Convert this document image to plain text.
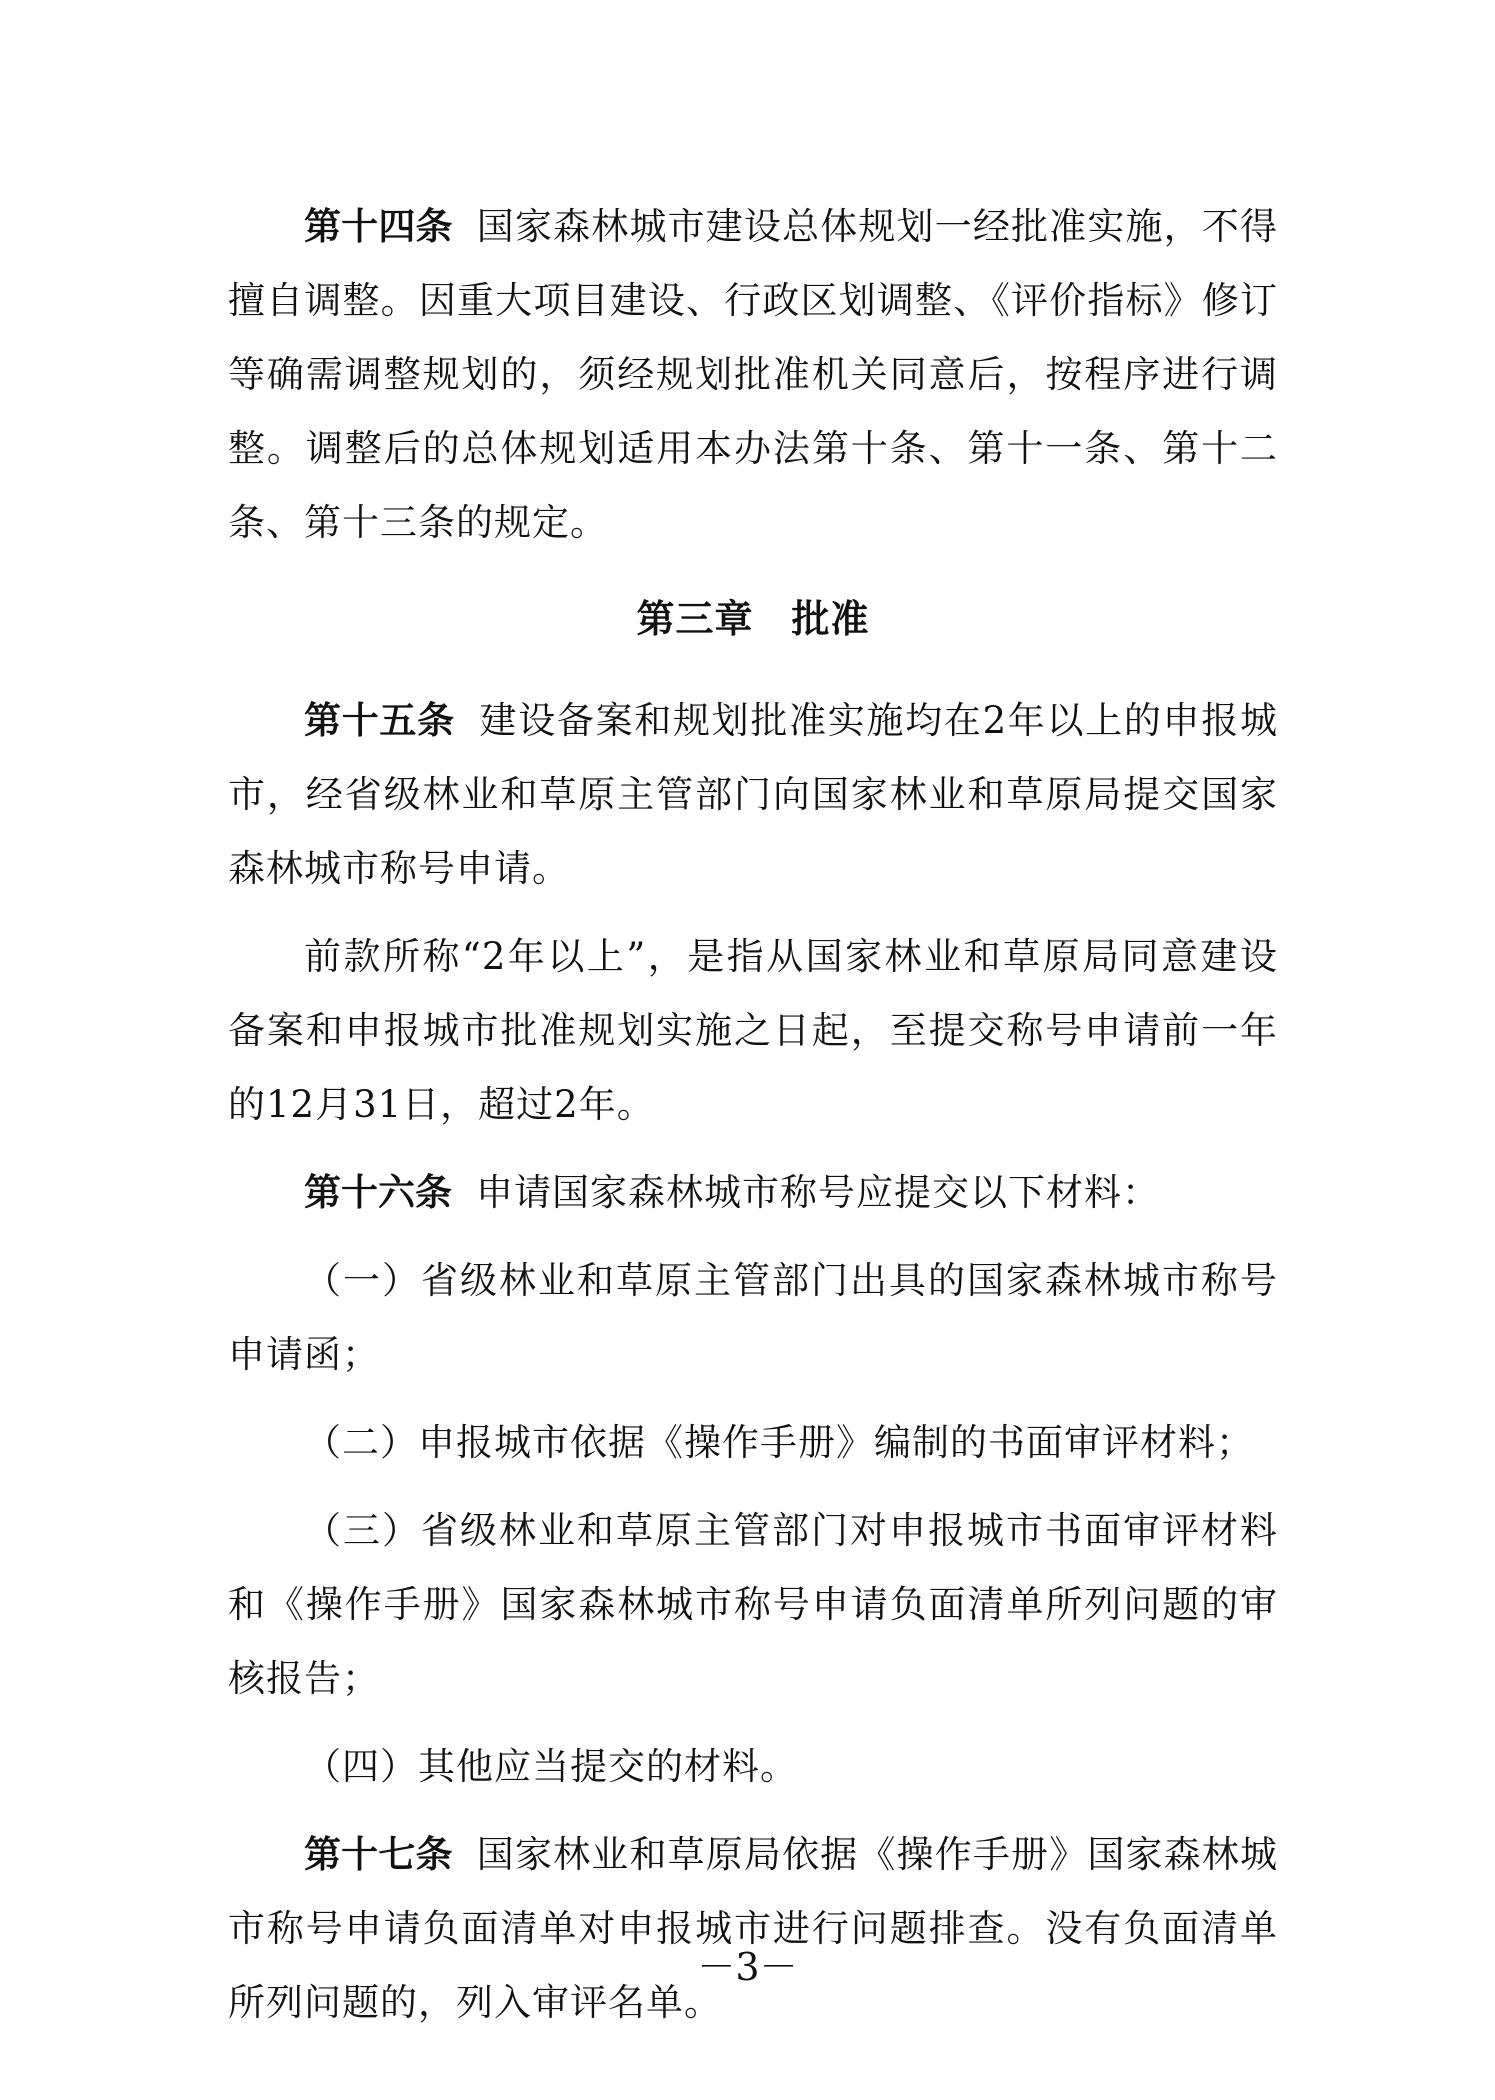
第十四条 国家森林城市建设总体规划一经批准实施，不得擅自调整。因重大项目建设、行政区划调整、《评价指标》修订等确需调整规划的，须经规划批准机关同意后，按程序进行调整。调整后的总体规划适用本办法第十条、第十一条、第十二条、第十三条的规定。

第三章 批准

第十五条 建设备案和规划批准实施均在2年以上的申报城市，经省级林业和草原主管部门向国家林业和草原局提交国家森林城市称号申请。

前款所称“2年以上”，是指从国家林业和草原局同意建设备案和申报城市批准规划实施之日起，至提交称号申请前一年的12月31日，超过2年。

第十六条 申请国家森林城市称号应提交以下材料：

（一）省级林业和草原主管部门出具的国家森林城市称号申请函；

（二）申报城市依据《操作手册》编制的书面审评材料；

（三）省级林业和草原主管部门对申报城市书面审评材料和《操作手册》国家森林城市称号申请负面清单所列问题的审核报告；

（四）其他应当提交的材料。

第十七条 国家林业和草原局依据《操作手册》国家森林城市称号申请负面清单对申报城市进行问题排查。没有负面清单所列问题的，列入审评名单。

－3－
